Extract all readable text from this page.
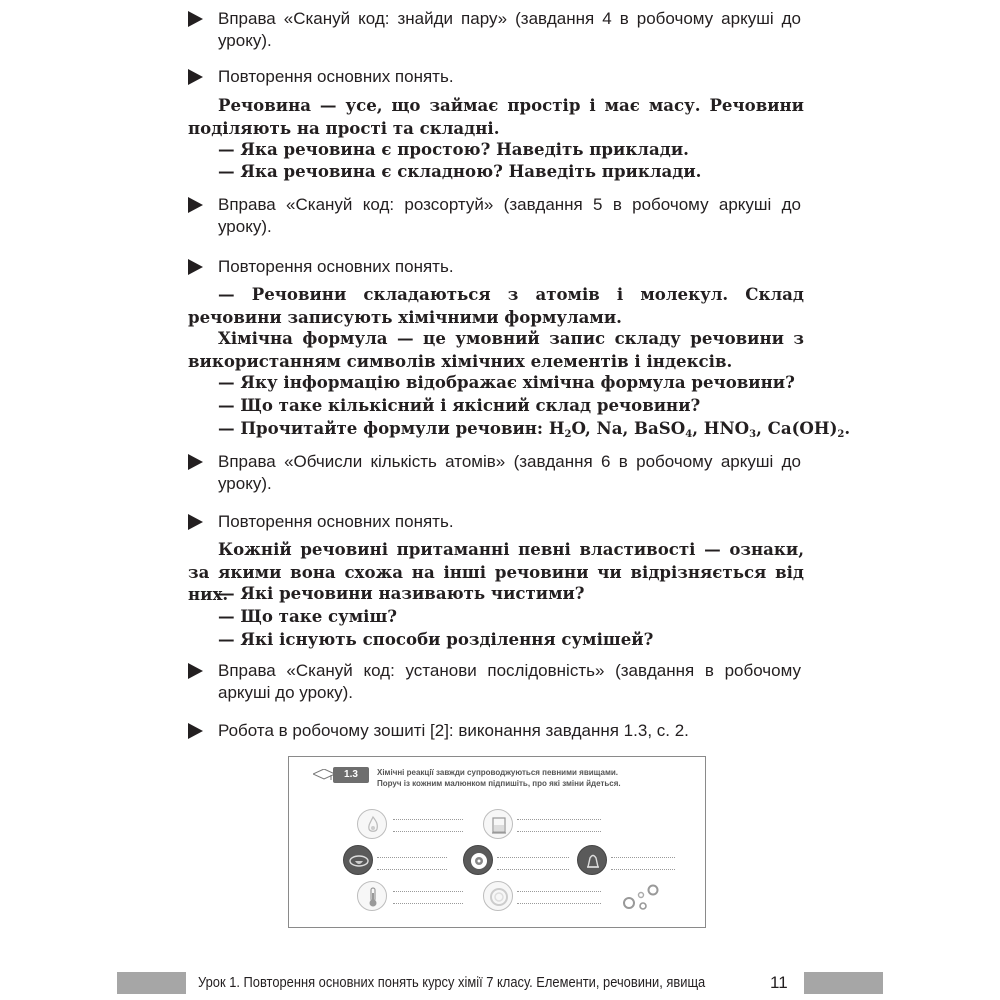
Вправа «Скануй код: знайди пару» (завдання 4 в робочому аркуші до уроку).
Повторення основних понять.
Речовина — усе, що займає простір і має масу. Речовини поділяють на прості та складні.
— Яка речовина є простою? Наведіть приклади.
— Яка речовина є складною? Наведіть приклади.
Вправа «Скануй код: розсортуй» (завдання 5 в робочому аркуші до уроку).
Повторення основних понять.
— Речовини складаються з атомів і молекул. Склад речовини записують хімічними формулами.
Хімічна формула — це умовний запис складу речовини з використанням символів хімічних елементів і індексів.
— Яку інформацію відображає хімічна формула речовини?
— Що таке кількісний і якісний склад речовини?
— Прочитайте формули речовин: $H_2O$, Na, BaSO$_4$, $HNO_3$, $Ca(OH)_2$.
Вправа «Обчисли кількість атомів» (завдання 6 в робочому аркуші до уроку).
Повторення основних понять.
Кожній речовині притаманні певні властивості — ознаки, за якими вона схожа на інші речовини чи відрізняється від них.
— Які речовини називають чистими?
— Що таке суміш?
— Які існують способи розділення сумішей?
Вправа «Скануй код: установи послідовність» (завдання в робочому аркуші до уроку).
Робота в робочому зошиті [2]: виконання завдання 1.3, с. 2.
1.3	Хімічні реакції завжди супроводжуються певними явищами.
Поруч із кожним малюнком підпишіть, про які зміни йдеться.
Урок 1. Повторення основних понять курсу хімії 7 класу. Елементи, речовини, явища	11
